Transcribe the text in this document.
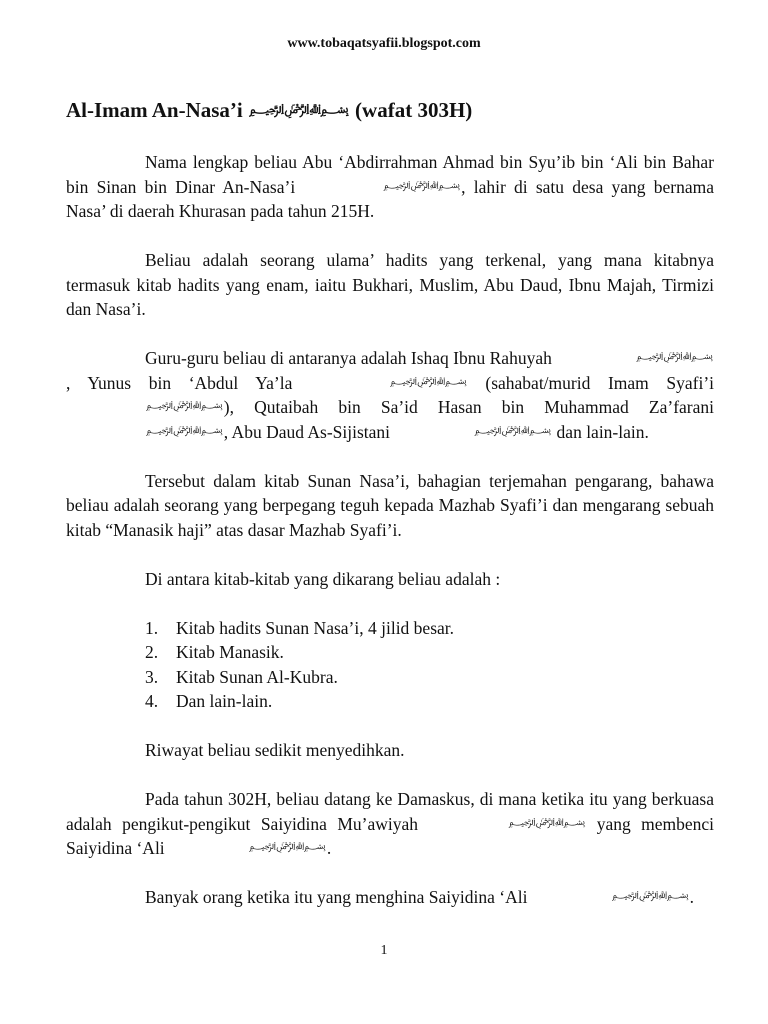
www.tobaqatsyafii.blogspot.com
Al-Imam An-Nasa’i ﷽ (wafat 303H)

Nama lengkap beliau Abu ‘Abdirrahman Ahmad bin Syu’ib bin ‘Ali bin Bahar bin Sinan bin Dinar An-Nasa’i	﷽, lahir di satu desa yang bernama Nasa’ di daerah Khurasan pada tahun 215H.

Beliau adalah seorang ulama’ hadits yang terkenal, yang mana kitabnya termasuk kitab hadits yang enam, iaitu Bukhari, Muslim, Abu Daud, Ibnu Majah, Tirmizi dan Nasa’i.

Guru-guru beliau di antaranya adalah Ishaq Ibnu Rahuyah	﷽, Yunus bin ‘Abdul Ya’la	﷽ (sahabat/murid Imam Syafi’i ﷽), Qutaibah bin Sa’id Hasan bin Muhammad Za’farani ﷽, Abu Daud As-Sijistani	﷽ dan lain-lain.

Tersebut dalam kitab Sunan Nasa’i, bahagian terjemahan pengarang, bahawa beliau adalah seorang yang berpegang teguh kepada Mazhab Syafi’i dan mengarang sebuah kitab “Manasik haji” atas dasar Mazhab Syafi’i.

Di antara kitab-kitab yang dikarang beliau adalah :

1.	Kitab hadits Sunan Nasa’i, 4 jilid besar.
2.	Kitab Manasik.
3.	Kitab Sunan Al-Kubra.
4.	Dan lain-lain.

Riwayat beliau sedikit menyedihkan.

Pada tahun 302H, beliau datang ke Damaskus, di mana ketika itu yang berkuasa adalah pengikut-pengikut Saiyidina Mu’awiyah	﷽ yang membenci Saiyidina ‘Ali	﷽.

Banyak orang ketika itu yang menghina Saiyidina ‘Ali	﷽.

1
